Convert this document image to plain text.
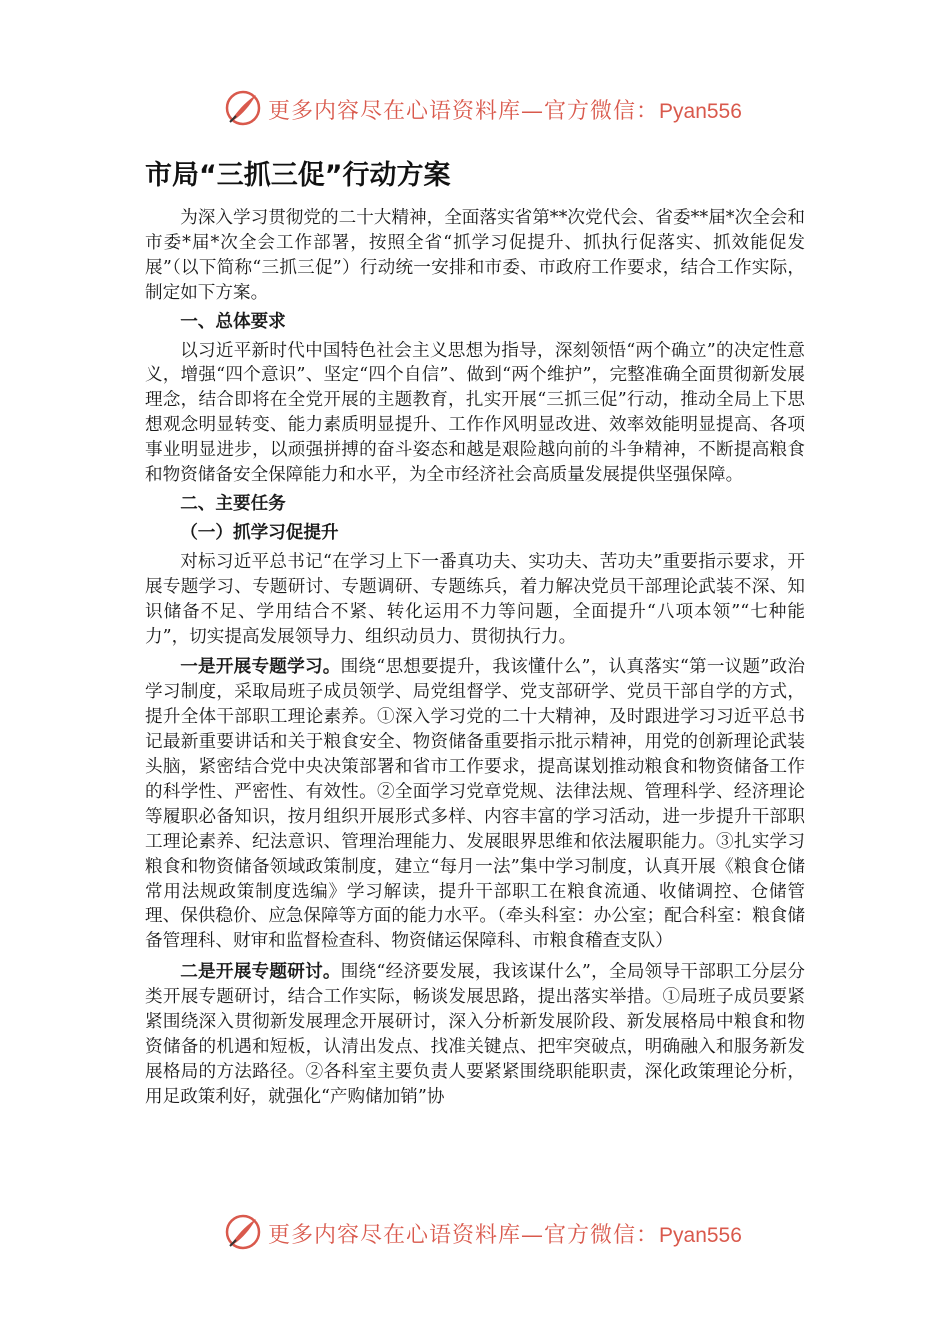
更多内容尽在心语资料库—官方微信：Pyan556
市局“三抓三促”行动方案

为深入学习贯彻党的二十大精神，全面落实省第**次党代会、省委**届*次全会和市委*届*次全会工作部署，按照全省“抓学习促提升、抓执行促落实、抓效能促发展”（以下简称“三抓三促”）行动统一安排和市委、市政府工作要求，结合工作实际，制定如下方案。

一、总体要求

以习近平新时代中国特色社会主义思想为指导，深刻领悟“两个确立”的决定性意义，增强“四个意识”、坚定“四个自信”、做到“两个维护”，完整准确全面贯彻新发展理念，结合即将在全党开展的主题教育，扎实开展“三抓三促”行动，推动全局上下思想观念明显转变、能力素质明显提升、工作作风明显改进、效率效能明显提高、各项事业明显进步，以顽强拼搏的奋斗姿态和越是艰险越向前的斗争精神，不断提高粮食和物资储备安全保障能力和水平，为全市经济社会高质量发展提供坚强保障。

二、主要任务
（一）抓学习促提升

对标习近平总书记“在学习上下一番真功夫、实功夫、苦功夫”重要指示要求，开展专题学习、专题研讨、专题调研、专题练兵，着力解决党员干部理论武装不深、知识储备不足、学用结合不紧、转化运用不力等问题，全面提升“八项本领”“七种能力”，切实提高发展领导力、组织动员力、贯彻执行力。

一是开展专题学习。围绕“思想要提升，我该懂什么”，认真落实“第一议题”政治学习制度，采取局班子成员领学、局党组督学、党支部研学、党员干部自学的方式，提升全体干部职工理论素养。①深入学习党的二十大精神，及时跟进学习习近平总书记最新重要讲话和关于粮食安全、物资储备重要指示批示精神，用党的创新理论武装头脑，紧密结合党中央决策部署和省市工作要求，提高谋划推动粮食和物资储备工作的科学性、严密性、有效性。②全面学习党章党规、法律法规、管理科学、经济理论等履职必备知识，按月组织开展形式多样、内容丰富的学习活动，进一步提升干部职工理论素养、纪法意识、管理治理能力、发展眼界思维和依法履职能力。③扎实学习粮食和物资储备领域政策制度，建立“每月一法”集中学习制度，认真开展《粮食仓储常用法规政策制度选编》学习解读，提升干部职工在粮食流通、收储调控、仓储管理、保供稳价、应急保障等方面的能力水平。（牵头科室：办公室；配合科室：粮食储备管理科、财审和监督检查科、物资储运保障科、市粮食稽查支队）

二是开展专题研讨。围绕“经济要发展，我该谋什么”，全局领导干部职工分层分类开展专题研讨，结合工作实际，畅谈发展思路，提出落实举措。①局班子成员要紧紧围绕深入贯彻新发展理念开展研讨，深入分析新发展阶段、新发展格局中粮食和物资储备的机遇和短板，认清出发点、找准关键点、把牢突破点，明确融入和服务新发展格局的方法路径。②各科室主要负责人要紧紧围绕职能职责，深化政策理论分析，用足政策利好，就强化“产购储加销”协

更多内容尽在心语资料库—官方微信：Pyan556
